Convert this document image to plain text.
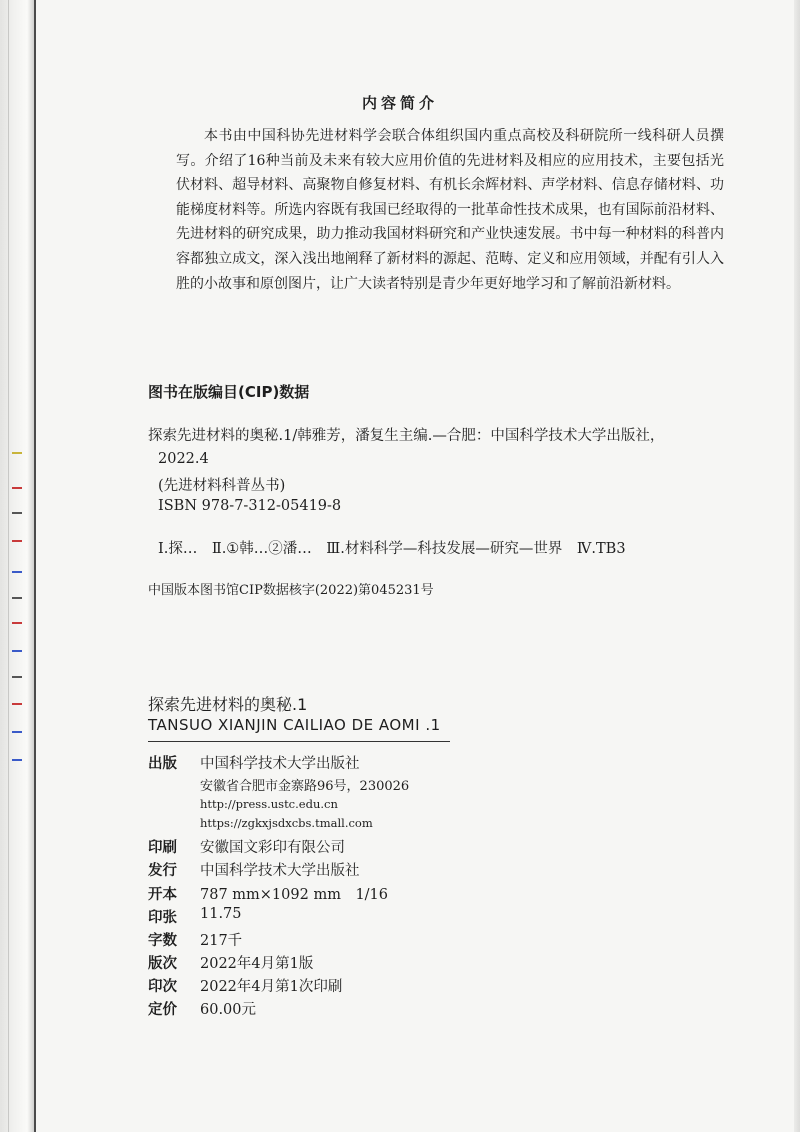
内容简介

本书由中国科协先进材料学会联合体组织国内重点高校及科研院所一线科研人员撰写。介绍了16种当前及未来有较大应用价值的先进材料及相应的应用技术，主要包括光伏材料、超导材料、高聚物自修复材料、有机长余辉材料、声学材料、信息存储材料、功能梯度材料等。所选内容既有我国已经取得的一批革命性技术成果，也有国际前沿材料、先进材料的研究成果，助力推动我国材料研究和产业快速发展。书中每一种材料的科普内容都独立成文，深入浅出地阐释了新材料的源起、范畴、定义和应用领域，并配有引人入胜的小故事和原创图片，让广大读者特别是青少年更好地学习和了解前沿新材料。

图书在版编目(CIP)数据
探索先进材料的奥秘.1/韩雅芳，潘复生主编.—合肥：中国科学技术大学出版社，
2022.4
(先进材料科普丛书)
ISBN 978-7-312-05419-8
Ⅰ.探…　Ⅱ.①韩…②潘…　Ⅲ.材料科学—科技发展—研究—世界　Ⅳ.TB3
中国版本图书馆CIP数据核字(2022)第045231号
探索先进材料的奥秘.1
TANSUO XIANJIN CAILIAO DE AOMI .1
出版	中国科学技术大学出版社
安徽省合肥市金寨路96号，230026
http://press.ustc.edu.cn
https://zgkxjsdxcbs.tmall.com
印刷	安徽国文彩印有限公司
发行	中国科学技术大学出版社
开本	787 mm×1092 mm　1/16
印张	11.75
字数	217千
版次	2022年4月第1版
印次	2022年4月第1次印刷
定价	60.00元
